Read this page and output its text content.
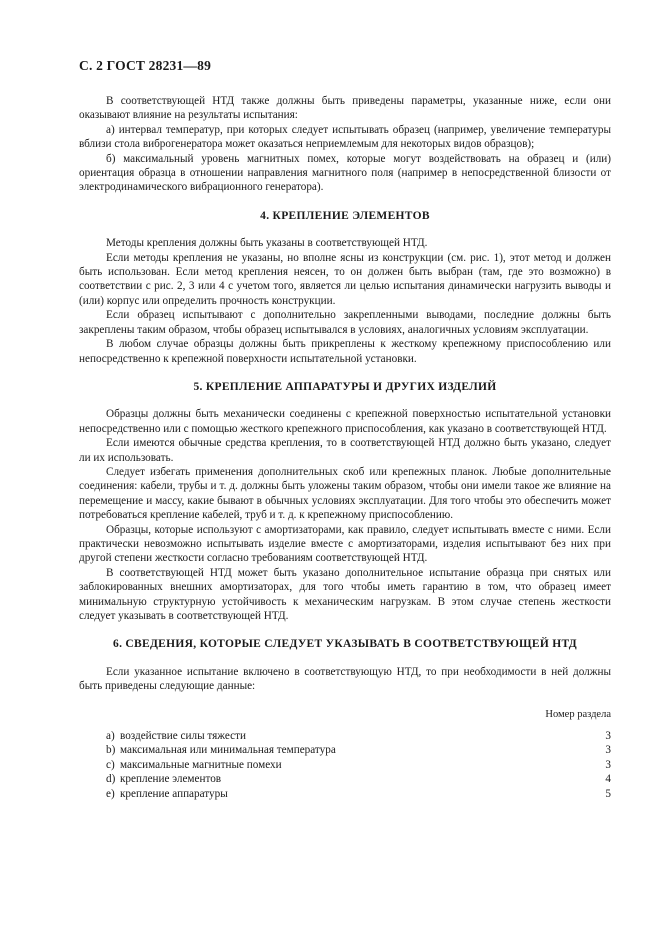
С. 2 ГОСТ 28231—89

В соответствующей НТД также должны быть приведены параметры, указанные ниже, если они оказывают влияние на результаты испытания:

а) интервал температур, при которых следует испытывать образец (например, увеличение температуры вблизи стола виброгенератора может оказаться неприемлемым для некоторых видов образцов);

б) максимальный уровень магнитных помех, которые могут воздействовать на образец и (или) ориентация образца в отношении направления магнитного поля (например в непосредственной близости от электродинамического вибрационного генератора).

4. КРЕПЛЕНИЕ ЭЛЕМЕНТОВ

Методы крепления должны быть указаны в соответствующей НТД.

Если методы крепления не указаны, но вполне ясны из конструкции (см. рис. 1), этот метод и должен быть использован. Если метод крепления неясен, то он должен быть выбран (там, где это возможно) в соответствии с рис. 2, 3 или 4 с учетом того, является ли целью испытания динамически нагрузить выводы и (или) корпус или определить прочность конструкции.

Если образец испытывают с дополнительно закрепленными выводами, последние должны быть закреплены таким образом, чтобы образец испытывался в условиях, аналогичных условиям эксплуатации.

В любом случае образцы должны быть прикреплены к жесткому крепежному приспособлению или непосредственно к крепежной поверхности испытательной установки.

5. КРЕПЛЕНИЕ АППАРАТУРЫ И ДРУГИХ ИЗДЕЛИЙ

Образцы должны быть механически соединены с крепежной поверхностью испытательной установки непосредственно или с помощью жесткого крепежного приспособления, как указано в соответствующей НТД.

Если имеются обычные средства крепления, то в соответствующей НТД должно быть указано, следует ли их использовать.

Следует избегать применения дополнительных скоб или крепежных планок. Любые дополнительные соединения: кабели, трубы и т. д. должны быть уложены таким образом, чтобы они имели такое же влияние на перемещение и массу, какие бывают в обычных условиях эксплуатации. Для того чтобы это обеспечить может потребоваться крепление кабелей, труб и т. д. к крепежному приспособлению.

Образцы, которые используют с амортизаторами, как правило, следует испытывать вместе с ними. Если практически невозможно испытывать изделие вместе с амортизаторами, изделия испытывают без них при другой степени жесткости согласно требованиям соответствующей НТД.

В соответствующей НТД может быть указано дополнительное испытание образца при снятых или заблокированных внешних амортизаторах, для того чтобы иметь гарантию в том, что образец имеет минимальную структурную устойчивость к механическим нагрузкам. В этом случае степень жесткости следует указывать в соответствующей НТД.

6. СВЕДЕНИЯ, КОТОРЫЕ СЛЕДУЕТ УКАЗЫВАТЬ В СООТВЕТСТВУЮЩЕЙ НТД

Если указанное испытание включено в соответствующую НТД, то при необходимости в ней должны быть приведены следующие данные:

Номер раздела
a) воздействие силы тяжести	3
b) максимальная или минимальная температура	3
c) максимальные магнитные помехи	3
d) крепление элементов	4
e) крепление аппаратуры	5
